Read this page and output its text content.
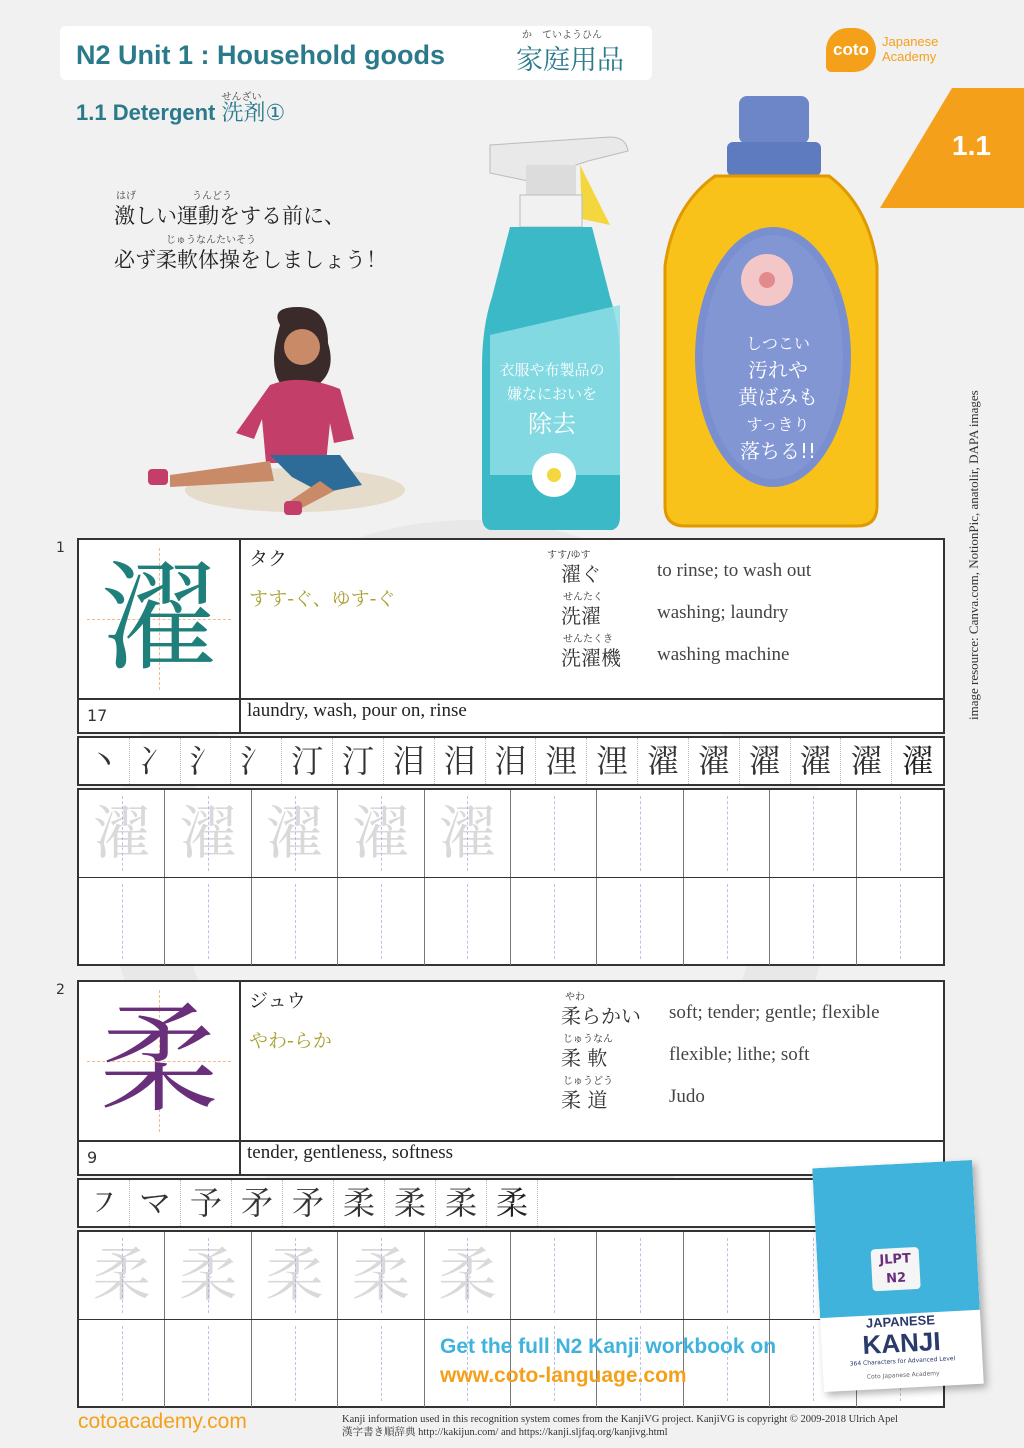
N2 Unit 1 : Household goods
か　ていようひん
家庭用品
1.1 Detergent
せんざい
洗剤①
coto	Japanese
Academy
1.1
はげ	うんどう
激しい運動をする前に、
じゅうなんたいそう
必ず柔軟体操をしましょう！
衣服や布製品の
嫌なにおいを
除去
しつこい
汚れや
黄ばみも
すっきり
落ちる!!	image resource: Canva.com, NotionPic, anatolir, DAPA images
1
濯
17
タク
すす-ぐ、ゆす-ぐ
laundry, wash, pour on, rinse
すす/ゆす
濯ぐ	to rinse; to wash out
せんたく
洗濯	washing; laundry
せんたくき
洗濯機 washing machine
丶 冫 氵 氵 汀 汀 泪 泪 泪 浬 浬 濯 濯 濯 濯 濯 濯
濯 濯 濯 濯 濯
2
柔
9
ジュウ
やわ-らか
tender, gentleness, softness
やわ
柔らかい soft; tender; gentle; flexible
じゅうなん
柔 軟	flexible; lithe; soft
じゅうどう
柔 道	Judo
㇇ マ 予 矛 矛 柔 柔 柔 柔
柔 柔 柔 柔 柔
Get the full N2 Kanji workbook on
www.coto-language.com
JLPT N2
JAPANESE
KANJI
364 Characters for Advanced Level
Coto Japanese Academy
cotoacademy.com	Kanji information used in this recognition system comes from the KanjiVG project. KanjiVG is copyright © 2009-2018 Ulrich Apel
漢字書き順辞典 http://kakijun.com/ and https://kanji.sljfaq.org/kanjivg.html
